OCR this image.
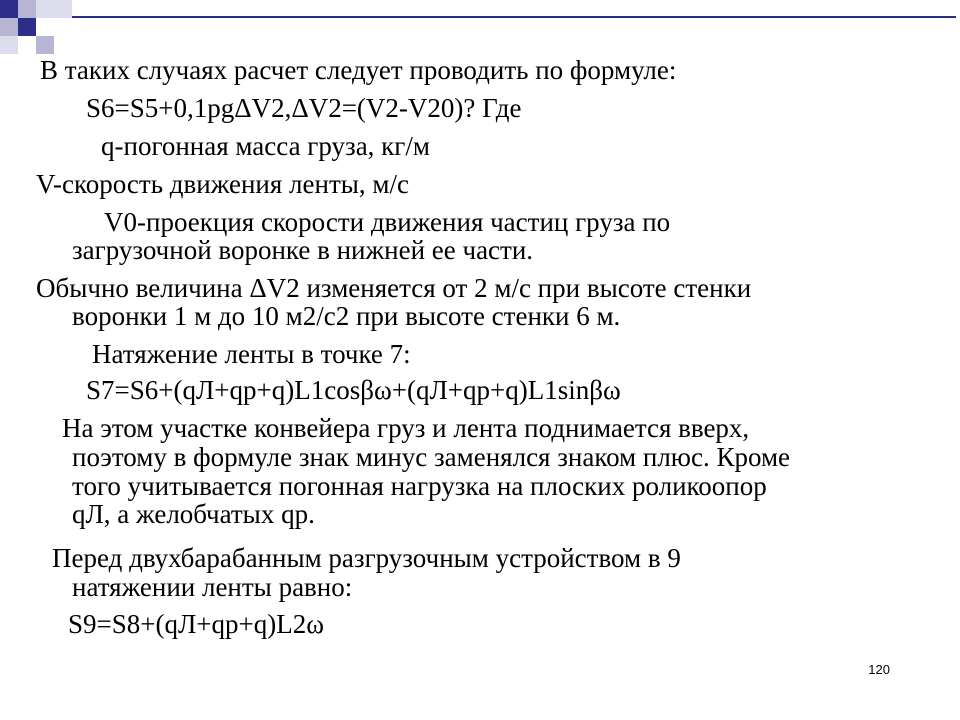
В таких случаях расчет следует проводить по формуле:

S6=S5+0,1pgΔV2,ΔV2=(V2-V20)? Где

q-погонная масса груза, кг/м

V-скорость движения ленты, м/с

V0-проекция скорости движения частиц груза по

загрузочной воронке в нижней ее части.

Обычно величина ΔV2 изменяется от 2 м/с при высоте стенки

воронки 1 м до 10 м2/с2 при высоте стенки 6 м.

Натяжение ленты в точке 7:

S7=S6+(qЛ+qp+q)L1cosβω+(qЛ+qp+q)L1sinβω

На этом участке конвейера груз и лента поднимается вверх,

поэтому в формуле знак минус заменялся знаком плюс. Кроме

того учитывается погонная нагрузка на плоских роликоопор

qЛ, а желобчатых qp.

Перед двухбарабанным разгрузочным устройством в 9

натяжении ленты равно:

S9=S8+(qЛ+qp+q)L2ω

120
